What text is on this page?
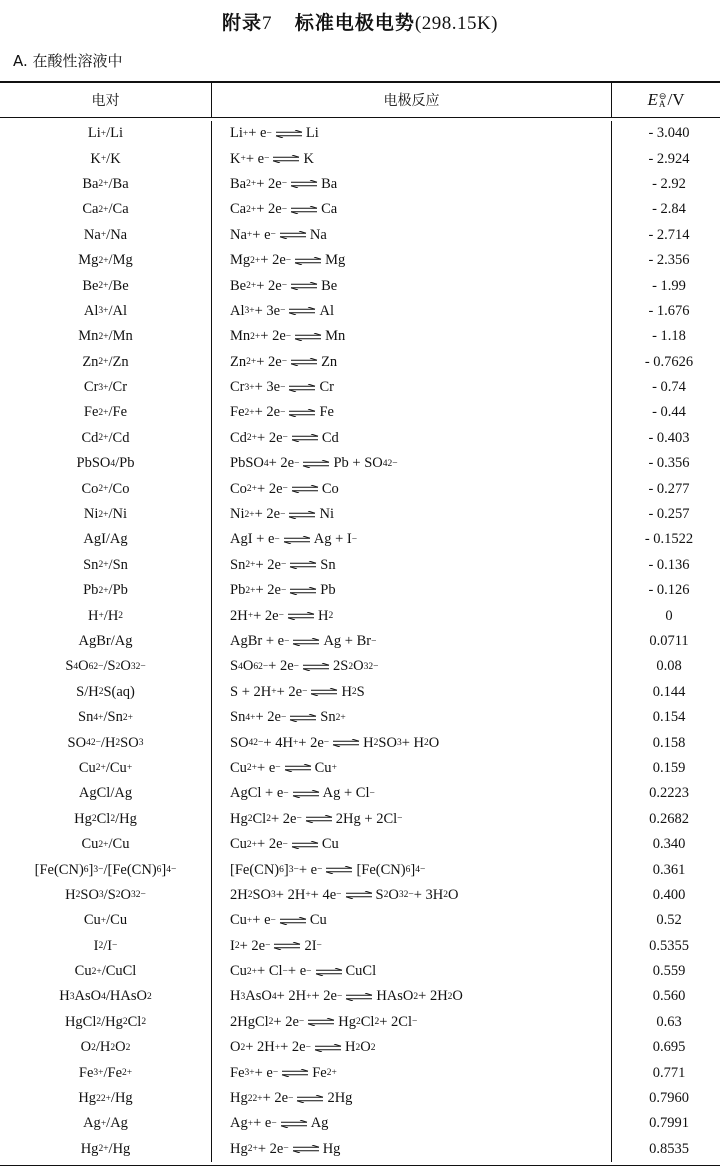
附录7 标准电极电势(298.15K)
A. 在酸性溶液中
电对	电极反应	E ⊖
A /V
Li + /Li	Li + + e − ⇌ Li	- 3.040
K + /K	K + + e − ⇌ K	- 2.924
Ba 2+ /Ba	Ba 2+ + 2e − ⇌ Ba	- 2.92
Ca 2+ /Ca	Ca 2+ + 2e − ⇌ Ca	- 2.84
Na + /Na	Na + + e − ⇌ Na	- 2.714
Mg 2+ /Mg	Mg 2+ + 2e − ⇌ Mg	- 2.356
Be 2+ /Be	Be 2+ + 2e − ⇌ Be	- 1.99
Al 3+ /Al	Al 3+ + 3e − ⇌ Al	- 1.676
Mn 2+ /Mn	Mn 2+ + 2e − ⇌ Mn	- 1.18
Zn 2+ /Zn	Zn 2+ + 2e − ⇌ Zn	- 0.7626
Cr 3+ /Cr	Cr 3+ + 3e − ⇌ Cr	- 0.74
Fe 2+ /Fe	Fe 2+ + 2e − ⇌ Fe	- 0.44
Cd 2+ /Cd	Cd 2+ + 2e − ⇌ Cd	- 0.403
PbSO 4 /Pb	PbSO 4 + 2e − ⇌ Pb + SO 4 2−	- 0.356
Co 2+ /Co	Co 2+ + 2e − ⇌ Co	- 0.277
Ni 2+ /Ni	Ni 2+ + 2e − ⇌ Ni	- 0.257
AgI/Ag	AgI + e − ⇌ Ag + I −	- 0.1522
Sn 2+ /Sn	Sn 2+ + 2e − ⇌ Sn	- 0.136
Pb 2+ /Pb	Pb 2+ + 2e − ⇌ Pb	- 0.126
H + /H 2	2H + + 2e − ⇌ H 2	0
AgBr/Ag	AgBr + e − ⇌ Ag + Br −	0.0711
S 4 O 6 2− /S 2 O 3 2−	S 4 O 6 2− + 2e − ⇌ 2S 2 O 3 2−	0.08
S/H 2 S(aq)	S + 2H + + 2e − ⇌ H 2 S	0.144
Sn 4+ /Sn 2+	Sn 4+ + 2e − ⇌ Sn 2+	0.154
SO 4 2− /H 2 SO 3	SO 4 2− + 4H + + 2e − ⇌ H 2 SO 3 + H 2 O	0.158
Cu 2+ /Cu +	Cu 2+ + e − ⇌ Cu +	0.159
AgCl/Ag	AgCl + e − ⇌ Ag + Cl −	0.2223
Hg 2 Cl 2 /Hg	Hg 2 Cl 2 + 2e − ⇌ 2Hg + 2Cl −	0.2682
Cu 2+ /Cu	Cu 2+ + 2e − ⇌ Cu	0.340
[Fe(CN) 6 ] 3− /[Fe(CN) 6 ] 4−	[Fe(CN) 6 ] 3− + e − ⇌ [Fe(CN) 6 ] 4−	0.361
H 2 SO 3 /S 2 O 3 2−	2H 2 SO 3 + 2H + + 4e − ⇌ S 2 O 3 2− + 3H 2 O	0.400
Cu + /Cu	Cu + + e − ⇌ Cu	0.52
I 2 /I −	I 2 + 2e − ⇌ 2I −	0.5355
Cu 2+ /CuCl	Cu 2+ + Cl − + e − ⇌ CuCl	0.559
H 3 AsO 4 /HAsO 2	H 3 AsO 4 + 2H + + 2e − ⇌ HAsO 2 + 2H 2 O	0.560
HgCl 2 /Hg 2 Cl 2	2HgCl 2 + 2e − ⇌ Hg 2 Cl 2 + 2Cl −	0.63
O 2 /H 2 O 2	O 2 + 2H + + 2e − ⇌ H 2 O 2	0.695
Fe 3+ /Fe 2+	Fe 3+ + e − ⇌ Fe 2+	0.771
Hg 2 2+ /Hg	Hg 2 2+ + 2e − ⇌ 2Hg	0.7960
Ag + /Ag	Ag + + e − ⇌ Ag	0.7991
Hg 2+ /Hg	Hg 2+ + 2e − ⇌ Hg	0.8535
